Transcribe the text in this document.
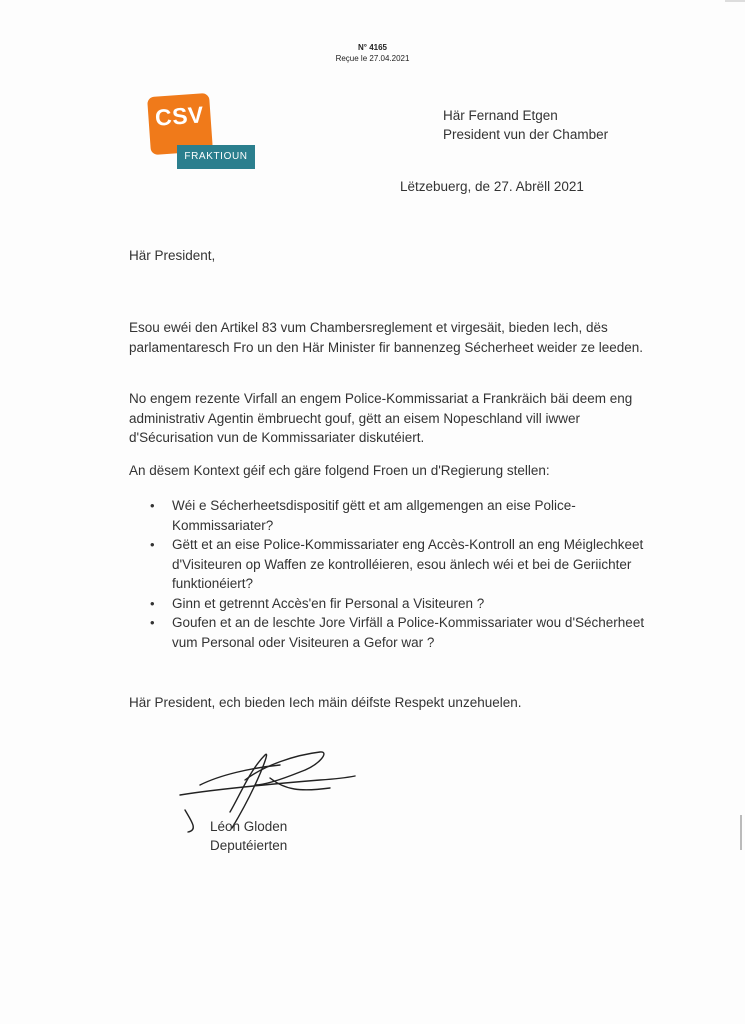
N° 4165
Reçue le 27.04.2021
CSV
FRAKTIOUN
Här Fernand Etgen
President vun der Chamber
Lëtzebuerg, de 27. Abrëll 2021
Här President,
Esou ewéi den Artikel 83 vum Chambersreglement et virgesäit, bieden Iech, dës parlamentaresch Fro un den Här Minister fir bannenzeg Sécherheet weider ze leeden.
No engem rezente Virfall an engem Police-Kommissariat a Frankräich bäi deem eng administrativ Agentin ëmbruecht gouf, gëtt an eisem Nopeschland vill iwwer d'Sécurisation vun de Kommissariater diskutéiert.
An dësem Kontext géif ech gäre folgend Froen un d'Regierung stellen:
• Wéi e Sécherheetsdispositif gëtt et am allgemengen an eise Police-Kommissariater?
• Gëtt et an eise Police-Kommissariater eng Accès-Kontroll an eng Méiglechkeet d'Visiteuren op Waffen ze kontrolléieren, esou änlech wéi et bei de Geriichter funktionéiert?
• Ginn et getrennt Accès'en fir Personal a Visiteuren ?
• Goufen et an de leschte Jore Virfäll a Police-Kommissariater wou d'Sécherheet vum Personal oder Visiteuren a Gefor war ?
Här President, ech bieden Iech mäin déifste Respekt unzehuelen.
Léon Gloden
Deputéierten
